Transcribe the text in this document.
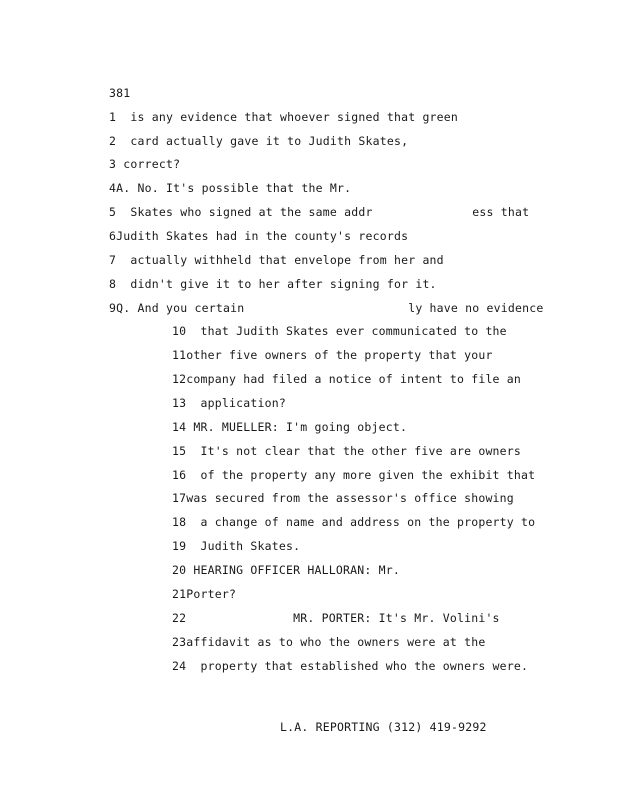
381
1  is any evidence that whoever signed that green
2  card actually gave it to Judith Skates,
3 correct?
4A. No. It's possible that the Mr.
5  Skates who signed at the same addr              ess that
6Judith Skates had in the county's records
7  actually withheld that envelope from her and
8  didn't give it to her after signing for it.
9Q. And you certain                       ly have no evidence
10  that Judith Skates ever communicated to the
11other five owners of the property that your
12company had filed a notice of intent to file an
13  application?
14 MR. MUELLER: I'm going object.
15  It's not clear that the other five are owners
16  of the property any more given the exhibit that
17was secured from the assessor's office showing
18  a change of name and address on the property to
19  Judith Skates.
20 HEARING OFFICER HALLORAN: Mr.
21Porter?
22               MR. PORTER: It's Mr. Volini's
23affidavit as to who the owners were at the
24  property that established who the owners were.
L.A. REPORTING (312) 419-9292
